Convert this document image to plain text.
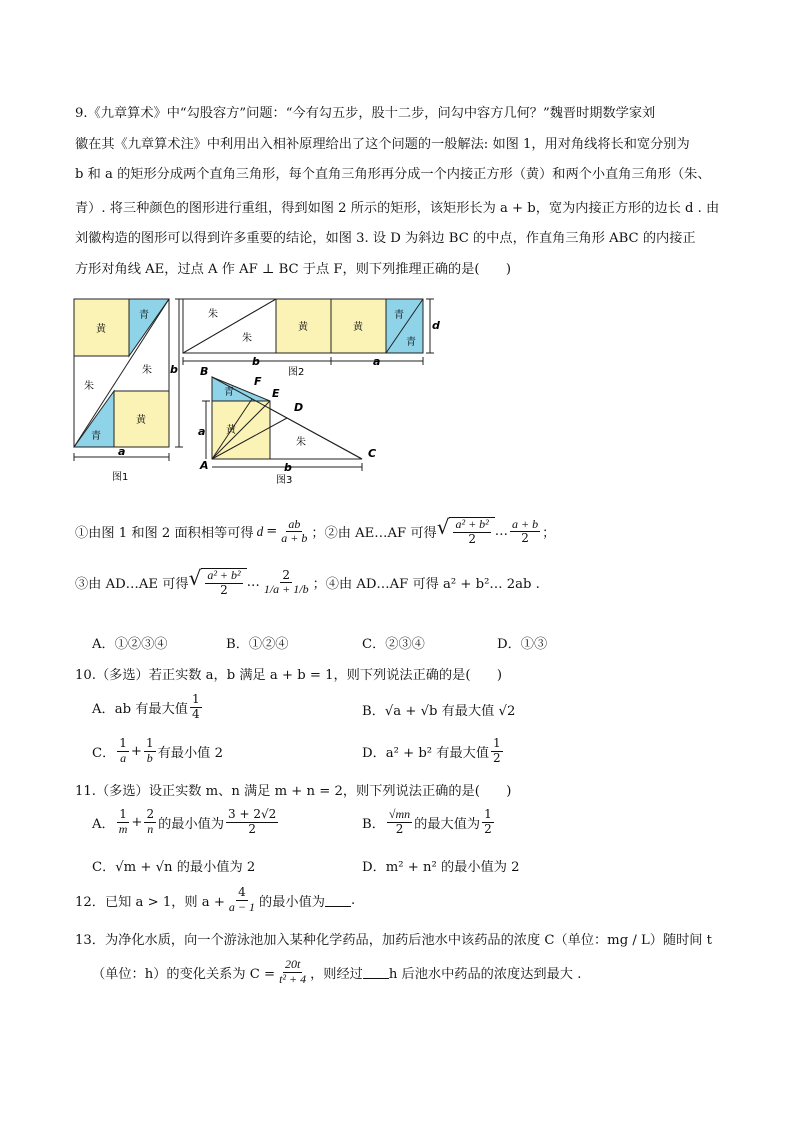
9.《九章算术》中“勾股容方”问题：“今有勾五步，股十二步，问勾中容方几何？”魏晋时期数学家刘
徽在其《九章算术注》中利用出入相补原理给出了这个问题的一般解法: 如图 1，用对角线将长和宽分别为
b 和 a 的矩形分成两个直角三角形，每个直角三角形再分成一个内接正方形（黄）和两个小直角三角形（朱、
青）. 将三种颜色的图形进行重组，得到如图 2 所示的矩形，该矩形长为 a + b，宽为内接正方形的边长 d . 由
刘徽构造的图形可以得到许多重要的结论，如图 3. 设 D 为斜边 BC 的中点，作直角三角形 ABC 的内接正
方形对角线 AE，过点 A 作 AF ⊥ BC 于点 F，则下列推理正确的是(　　)
黄
青
朱
朱
黄
青
a
b
图1
朱
朱
黄	黄
青
青
b	a
d
图2
青
黄
朱
B
F
E
D
A
C
a
b
图3
①由图 1 和图 2 面积相等可得 $d = \frac{ab}{a + b}$ ；②由 AE…AF 可得 √ $\frac{\text{a² + b²}}{2}$ … $\frac{a + b}{2}$ ；
③由 AD…AE 可得 √ $\frac{\text{a² + b²}}{2}$ … $\frac{2}{1/a + 1/b}$ ；④由 AD…AF 可得 a² + b²… 2ab .
A．①②③④	B．①②④	C．②③④	D．①③
10.（多选）若正实数 a，b 满足 a + b = 1，则下列说法正确的是(　　)
A．ab 有最大值 $\frac{1}{4}$	B．√a + √b 有最大值 √2
C． $\frac{1}{a} + \frac{1}{b}$ 有最小值 2	D．a² + b² 有最大值 $\frac{1}{2}$
11.（多选）设正实数 m、n 满足 m + n = 2，则下列说法正确的是(　　)
A． $\frac{1}{m} + \frac{2}{n}$ 的最小值为 $\frac{3 + 2√2}{2}$	B． $\frac{√mn}{2}$ 的最大值为 $\frac{1}{2}$
C．√m + √n 的最小值为 2	D．m² + n² 的最小值为 2
12．已知 a > 1，则 $a + \frac{4}{a - 1}$ 的最小值为 .
13．为净化水质，向一个游泳池加入某种化学药品，加药后池水中该药品的浓度 C（单位：mg / L）随时间 t
（单位：h）的变化关系为 $C = \frac{20t}{\text{t² + 4}}$ ，则经过 h 后池水中药品的浓度达到最大 .
